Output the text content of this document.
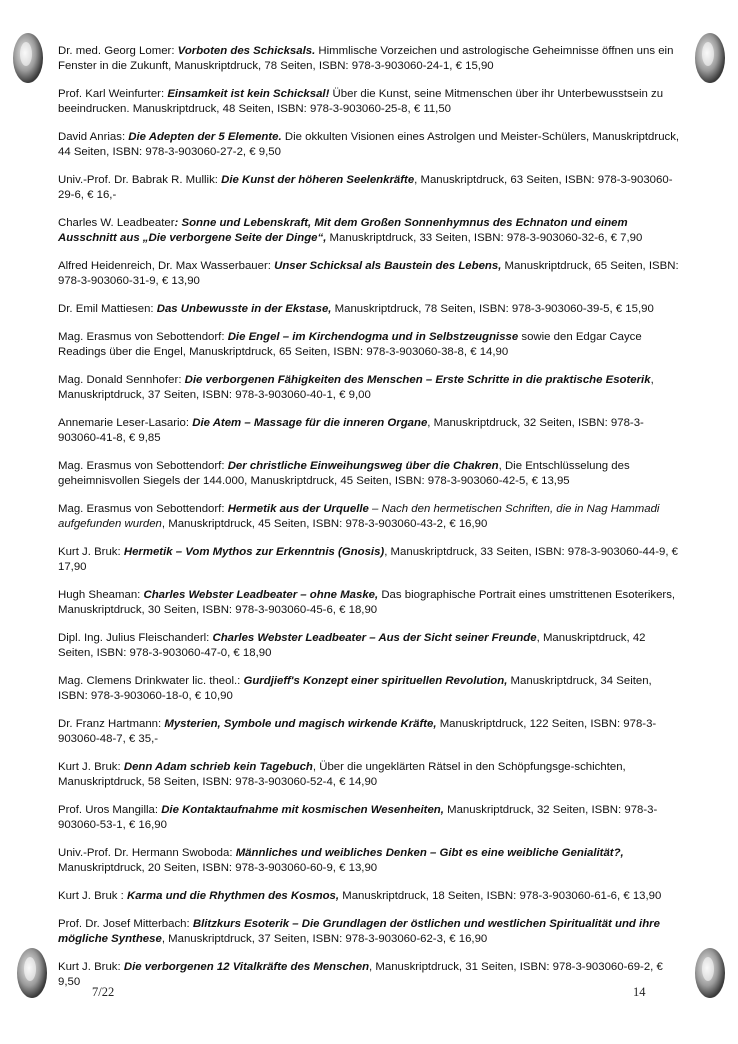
Dr. med. Georg Lomer: Vorboten des Schicksals. Himmlische Vorzeichen und astrologische Geheimnisse öffnen uns ein Fenster in die Zukunft, Manuskriptdruck, 78 Seiten, ISBN: 978-3-903060-24-1, € 15,90

Prof. Karl Weinfurter: Einsamkeit ist kein Schicksal! Über die Kunst, seine Mitmenschen über ihr Unterbewusstsein zu beeindrucken. Manuskriptdruck, 48 Seiten, ISBN: 978-3-903060-25-8, € 11,50

David Anrias: Die Adepten der 5 Elemente. Die okkulten Visionen eines Astrolgen und Meister-Schülers, Manuskriptdruck, 44 Seiten, ISBN: 978-3-903060-27-2, € 9,50

Univ.-Prof. Dr. Babrak R. Mullik: Die Kunst der höheren Seelenkräfte, Manuskriptdruck, 63 Seiten, ISBN: 978-3-903060-29-6, € 16,-

Charles W. Leadbeater: Sonne und Lebenskraft, Mit dem Großen Sonnenhymnus des Echnaton und einem Ausschnitt aus „Die verborgene Seite der Dinge“, Manuskriptdruck, 33 Seiten, ISBN: 978-3-903060-32-6, € 7,90

Alfred Heidenreich, Dr. Max Wasserbauer: Unser Schicksal als Baustein des Lebens, Manuskriptdruck, 65 Seiten, ISBN: 978-3-903060-31-9, € 13,90

Dr. Emil Mattiesen: Das Unbewusste in der Ekstase, Manuskriptdruck, 78 Seiten, ISBN: 978-3-903060-39-5, € 15,90

Mag. Erasmus von Sebottendorf: Die Engel – im Kirchendogma und in Selbstzeugnisse sowie den Edgar Cayce Readings über die Engel, Manuskriptdruck, 65 Seiten, ISBN: 978-3-903060-38-8, € 14,90

Mag. Donald Sennhofer: Die verborgenen Fähigkeiten des Menschen – Erste Schritte in die praktische Esoterik, Manuskriptdruck, 37 Seiten, ISBN: 978-3-903060-40-1, € 9,00

Annemarie Leser-Lasario: Die Atem – Massage für die inneren Organe, Manuskriptdruck, 32 Seiten, ISBN: 978-3-903060-41-8, € 9,85

Mag. Erasmus von Sebottendorf: Der christliche Einweihungsweg über die Chakren, Die Entschlüsselung des geheimnisvollen Siegels der 144.000, Manuskriptdruck, 45 Seiten, ISBN: 978-3-903060-42-5, € 13,95

Mag. Erasmus von Sebottendorf: Hermetik aus der Urquelle – Nach den hermetischen Schriften, die in Nag Hammadi aufgefunden wurden, Manuskriptdruck, 45 Seiten, ISBN: 978-3-903060-43-2, € 16,90

Kurt J. Bruk: Hermetik – Vom Mythos zur Erkenntnis (Gnosis), Manuskriptdruck, 33 Seiten, ISBN: 978-3-903060-44-9, € 17,90

Hugh Sheaman: Charles Webster Leadbeater – ohne Maske, Das biographische Portrait eines umstrittenen Esoterikers, Manuskriptdruck, 30 Seiten, ISBN: 978-3-903060-45-6, € 18,90

Dipl. Ing. Julius Fleischanderl: Charles Webster Leadbeater – Aus der Sicht seiner Freunde, Manuskriptdruck, 42 Seiten, ISBN: 978-3-903060-47-0, € 18,90

Mag. Clemens Drinkwater lic. theol.: Gurdjieff's Konzept einer spirituellen Revolution, Manuskriptdruck, 34 Seiten, ISBN: 978-3-903060-18-0, € 10,90

Dr. Franz Hartmann: Mysterien, Symbole und magisch wirkende Kräfte, Manuskriptdruck, 122 Seiten, ISBN: 978-3-903060-48-7, € 35,-

Kurt J. Bruk: Denn Adam schrieb kein Tagebuch, Über die ungeklärten Rätsel in den Schöpfungsge-schichten, Manuskriptdruck, 58 Seiten, ISBN: 978-3-903060-52-4, € 14,90

Prof. Uros Mangilla: Die Kontaktaufnahme mit kosmischen Wesenheiten, Manuskriptdruck, 32 Seiten, ISBN: 978-3-903060-53-1, € 16,90

Univ.-Prof. Dr. Hermann Swoboda: Männliches und weibliches Denken – Gibt es eine weibliche Genialität?, Manuskriptdruck, 20 Seiten, ISBN: 978-3-903060-60-9, € 13,90

Kurt J. Bruk : Karma und die Rhythmen des Kosmos, Manuskriptdruck, 18 Seiten, ISBN: 978-3-903060-61-6, € 13,90

Prof. Dr. Josef Mitterbach: Blitzkurs Esoterik – Die Grundlagen der östlichen und westlichen Spiritualität und ihre mögliche Synthese, Manuskriptdruck, 37 Seiten, ISBN: 978-3-903060-62-3, € 16,90

Kurt J. Bruk: Die verborgenen 12 Vitalkräfte des Menschen, Manuskriptdruck, 31 Seiten, ISBN: 978-3-903060-69-2, € 9,50

7/22	14
